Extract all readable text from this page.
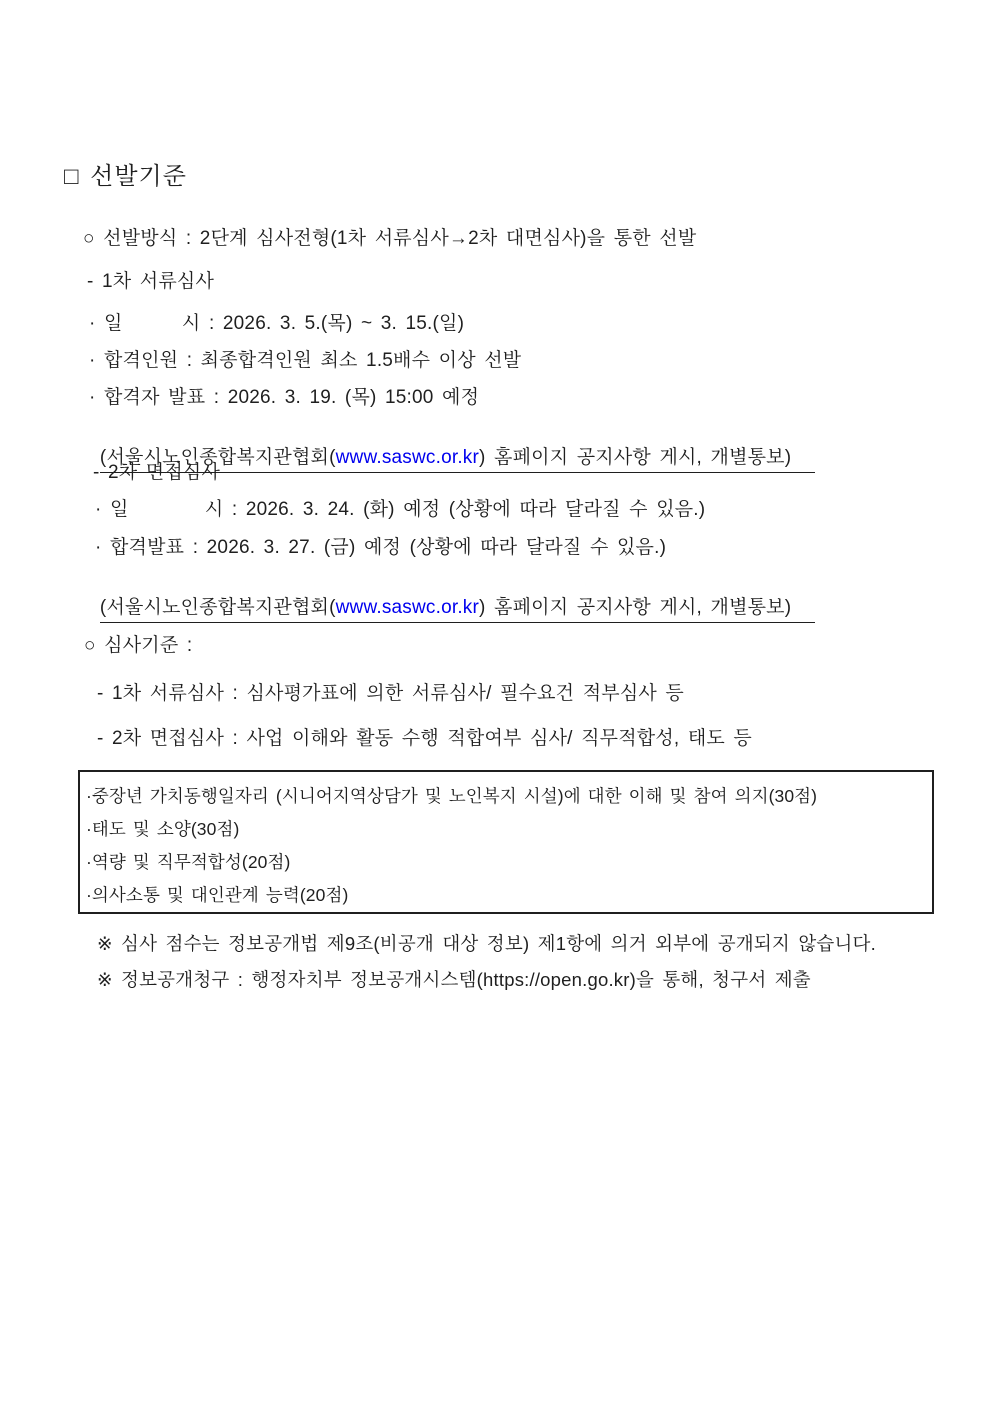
□ 선발기준
○ 선발방식 : 2단계 심사전형(1차 서류심사→2차 대면심사)을 통한 선발
- 1차 서류심사
· 일       시 : 2026. 3. 5.(목) ~ 3. 15.(일)
· 합격인원 : 최종합격인원 최소 1.5배수 이상 선발
· 합격자 발표 : 2026. 3. 19. (목) 15:00 예정

(서울시노인종합복지관협회(www.saswc.or.kr) 홈페이지 공지사항 게시, 개별통보)

- 2차 면접심사
· 일         시 : 2026. 3. 24. (화) 예정 (상황에 따라 달라질 수 있음.)
· 합격발표 : 2026. 3. 27. (금) 예정 (상황에 따라 달라질 수 있음.)

(서울시노인종합복지관협회(www.saswc.or.kr) 홈페이지 공지사항 게시, 개별통보)

○ 심사기준 :
- 1차 서류심사 : 심사평가표에 의한 서류심사/ 필수요건 적부심사 등
- 2차 면접심사 : 사업 이해와 활동 수행 적합여부 심사/ 직무적합성, 태도 등
·중장년 가치동행일자리 (시니어지역상담가 및 노인복지 시설)에 대한 이해 및 참여 의지(30점)
·태도 및 소양(30점)
·역량 및 직무적합성(20점)
·의사소통 및 대인관계 능력(20점)
※ 심사 점수는 정보공개법 제9조(비공개 대상 정보) 제1항에 의거 외부에 공개되지 않습니다.
※ 정보공개청구 : 행정자치부 정보공개시스템(https://open.go.kr)을 통해, 청구서 제출
